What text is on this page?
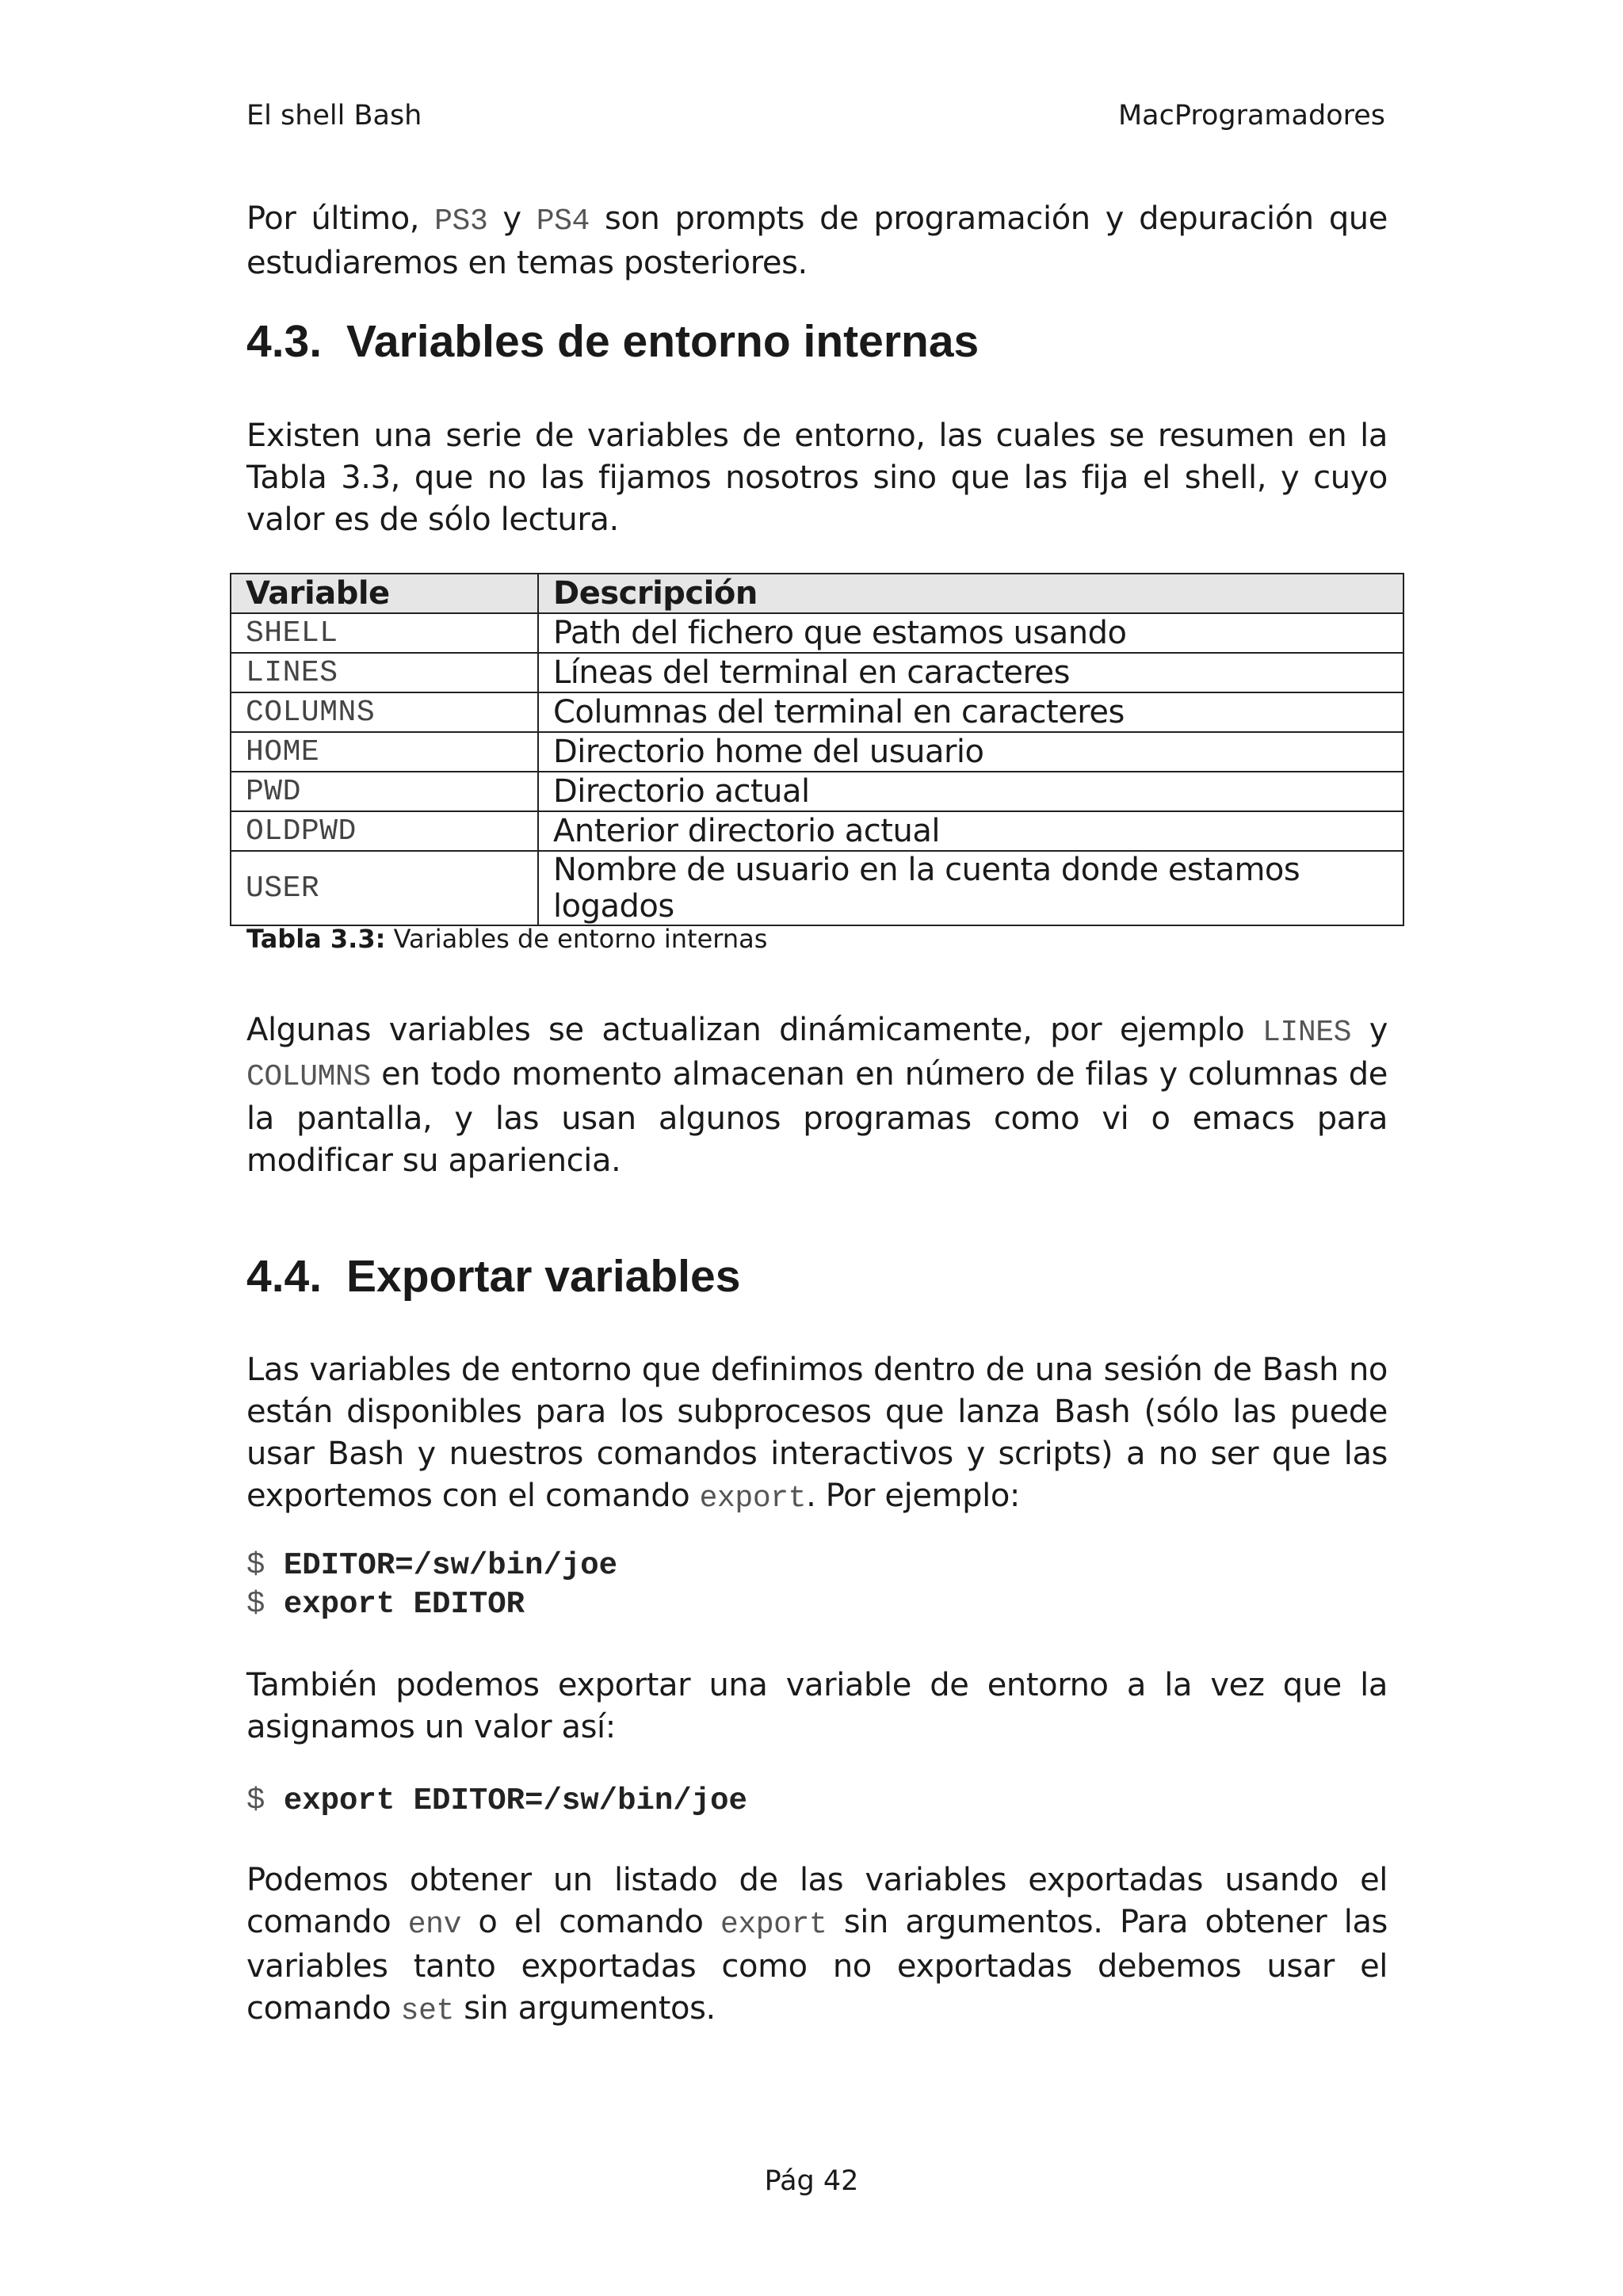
El shell Bash	MacProgramadores

Por último, PS3 y PS4 son prompts de programación y depuración que estudiaremos en temas posteriores.

4.3. Variables de entorno internas

Existen una serie de variables de entorno, las cuales se resumen en la Tabla 3.3, que no las fijamos nosotros sino que las fija el shell, y cuyo valor es de sólo lectura.

Variable	Descripción
SHELL	Path del fichero que estamos usando
LINES	Líneas del terminal en caracteres
COLUMNS	Columnas del terminal en caracteres
HOME	Directorio home del usuario
PWD	Directorio actual
OLDPWD	Anterior directorio actual
USER	Nombre de usuario en la cuenta donde estamos logados
Tabla 3.3: Variables de entorno internas

Algunas variables se actualizan dinámicamente, por ejemplo LINES y COLUMNS en todo momento almacenan en número de filas y columnas de la pantalla, y las usan algunos programas como vi o emacs para modificar su apariencia.

4.4. Exportar variables

Las variables de entorno que definimos dentro de una sesión de Bash no están disponibles para los subprocesos que lanza Bash (sólo las puede usar Bash y nuestros comandos interactivos y scripts) a no ser que las exportemos con el comando export. Por ejemplo:

$ EDITOR=/sw/bin/joe
$ export EDITOR

También podemos exportar una variable de entorno a la vez que la asignamos un valor así:

$ export EDITOR=/sw/bin/joe

Podemos obtener un listado de las variables exportadas usando el comando env o el comando export sin argumentos. Para obtener las variables tanto exportadas como no exportadas debemos usar el comando set sin argumentos.

Pág 42
